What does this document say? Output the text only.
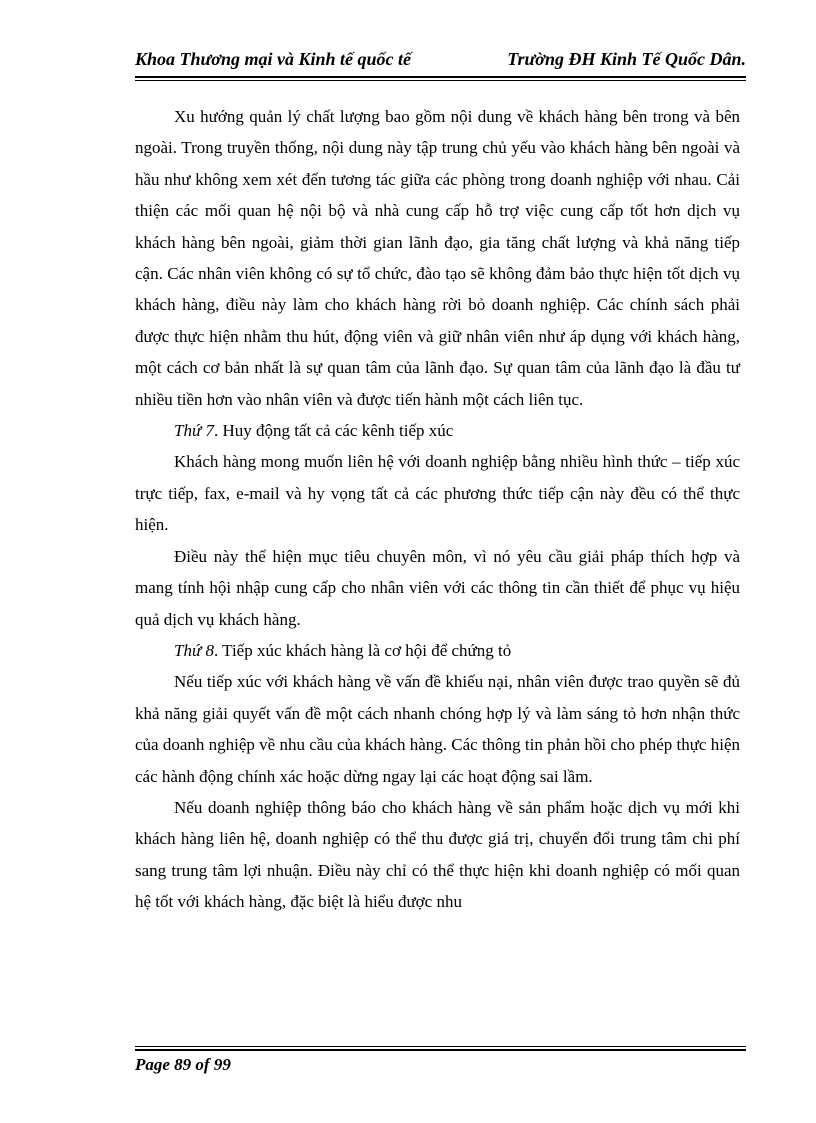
Khoa Thương mại và Kinh tế quốc tế	Trường ĐH Kinh Tế Quốc Dân.

Xu hướng quản lý chất lượng bao gồm nội dung về khách hàng bên trong và bên ngoài. Trong truyền thống, nội dung này tập trung chủ yếu vào khách hàng bên ngoài và hầu như không xem xét đến tương tác giữa các phòng trong doanh nghiệp với nhau. Cải thiện các mối quan hệ nội bộ và nhà cung cấp hỗ trợ việc cung cấp tốt hơn dịch vụ khách hàng bên ngoài, giảm thời gian lãnh đạo, gia tăng chất lượng và khả năng tiếp cận. Các nhân viên không có sự tổ chức, đào tạo sẽ không đảm bảo thực hiện tốt dịch vụ khách hàng, điều này làm cho khách hàng rời bỏ doanh nghiệp. Các chính sách phải được thực hiện nhằm thu hút, động viên và giữ nhân viên như áp dụng với khách hàng, một cách cơ bản nhất là sự quan tâm của lãnh đạo. Sự quan tâm của lãnh đạo là đầu tư nhiều tiền hơn vào nhân viên và được tiến hành một cách liên tục.

Thứ 7. Huy động tất cả các kênh tiếp xúc

Khách hàng mong muốn liên hệ với doanh nghiệp bằng nhiều hình thức – tiếp xúc trực tiếp, fax, e-mail và hy vọng tất cả các phương thức tiếp cận này đều có thể thực hiện.

Điều này thể hiện mục tiêu chuyên môn, vì nó yêu cầu giải pháp thích hợp và mang tính hội nhập cung cấp cho nhân viên với các thông tin cần thiết để phục vụ hiệu quả dịch vụ khách hàng.

Thứ 8. Tiếp xúc khách hàng là cơ hội để chứng tỏ

Nếu tiếp xúc với khách hàng về vấn đề khiếu nại, nhân viên được trao quyền sẽ đủ khả năng giải quyết vấn đề một cách nhanh chóng hợp lý và làm sáng tỏ hơn nhận thức của doanh nghiệp về nhu cầu của khách hàng. Các thông tin phản hồi cho phép thực hiện các hành động chính xác hoặc dừng ngay lại các hoạt động sai lầm.

Nếu doanh nghiệp thông báo cho khách hàng về sản phẩm hoặc dịch vụ mới khi khách hàng liên hệ, doanh nghiệp có thể thu được giá trị, chuyển đổi trung tâm chi phí sang trung tâm lợi nhuận. Điều này chỉ có thể thực hiện khi doanh nghiệp có mối quan hệ tốt với khách hàng, đặc biệt là hiểu được nhu

Page 89 of 99
